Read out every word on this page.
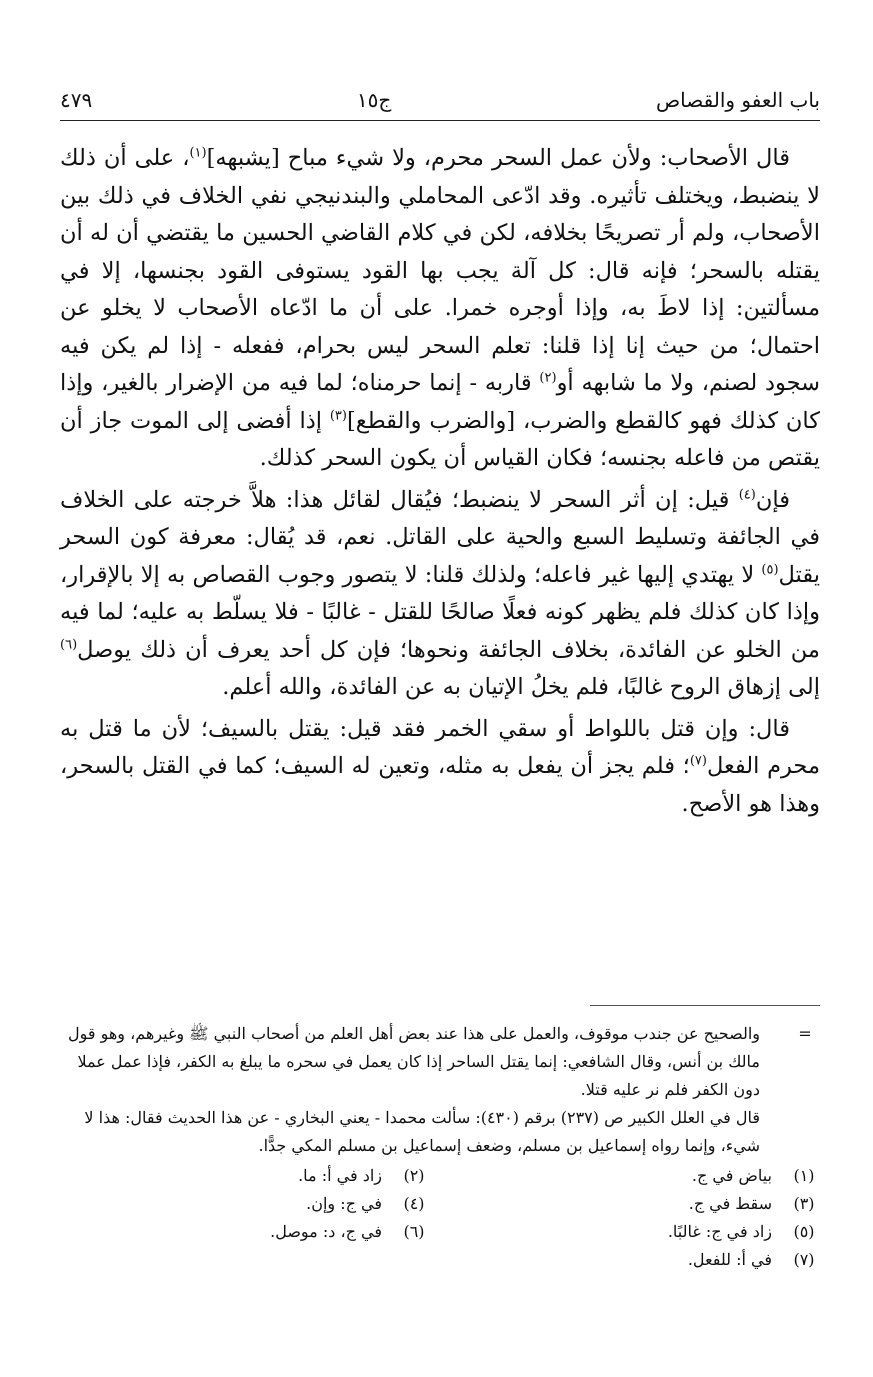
باب العفو والقصاص
ج١٥
٤٧٩

قال الأصحاب: ولأن عمل السحر محرم، ولا شيء مباح [يشبهه]$^{(١)}$، على أن ذلك لا ينضبط، ويختلف تأثيره. وقد ادّعى المحاملي والبندنيجي نفي الخلاف في ذلك بين الأصحاب، ولم أر تصريحًا بخلافه، لكن في كلام القاضي الحسين ما يقتضي أن له أن يقتله بالسحر؛ فإنه قال: كل آلة يجب بها القود يستوفى القود بجنسها، إلا في مسألتين: إذا لاطَ به، وإذا أوجره خمرا. على أن ما ادّعاه الأصحاب لا يخلو عن احتمال؛ من حيث إنا إذا قلنا: تعلم السحر ليس بحرام، ففعله - إذا لم يكن فيه سجود لصنم، ولا ما شابهه أو$^{(٢)}$ قاربه - إنما حرمناه؛ لما فيه من الإضرار بالغير، وإذا كان كذلك فهو كالقطع والضرب، [والضرب والقطع]$^{(٣)}$ إذا أفضى إلى الموت جاز أن يقتص من فاعله بجنسه؛ فكان القياس أن يكون السحر كذلك.

فإن$^{(٤)}$ قيل: إن أثر السحر لا ينضبط؛ فيُقال لقائل هذا: هلاَّ خرجته على الخلاف في الجائفة وتسليط السبع والحية على القاتل. نعم، قد يُقال: معرفة كون السحر يقتل$^{(٥)}$ لا يهتدي إليها غير فاعله؛ ولذلك قلنا: لا يتصور وجوب القصاص به إلا بالإقرار، وإذا كان كذلك فلم يظهر كونه فعلًا صالحًا للقتل - غالبًا - فلا يسلّط به عليه؛ لما فيه من الخلو عن الفائدة، بخلاف الجائفة ونحوها؛ فإن كل أحد يعرف أن ذلك يوصل$^{(٦)}$ إلى إزهاق الروح غالبًا، فلم يخلُ الإتيان به عن الفائدة، والله أعلم.

قال: وإن قتل باللواط أو سقي الخمر فقد قيل: يقتل بالسيف؛ لأن ما قتل به محرم الفعل$^{(٧)}$؛ فلم يجز أن يفعل به مثله، وتعين له السيف؛ كما في القتل بالسحر، وهذا هو الأصح.

=
والصحيح عن جندب موقوف، والعمل على هذا عند بعض أهل العلم من أصحاب النبي ﷺ وغيرهم، وهو قول مالك بن أنس، وقال الشافعي: إنما يقتل الساحر إذا كان يعمل في سحره ما يبلغ به الكفر، فإذا عمل عملا دون الكفر فلم نر عليه قتلا.
قال في العلل الكبير ص (٢٣٧) برقم (٤٣٠): سألت محمدا - يعني البخاري - عن هذا الحديث فقال: هذا لا شيء، وإنما رواه إسماعيل بن مسلم، وضعف إسماعيل بن مسلم المكي جدًّا.
(١)
بياض في ج.
(٢)
زاد في أ: ما.
(٣)
سقط في ج.
(٤)
في ج: وإن.
(٥)
زاد في ج: غالبًا.
(٦)
في ج، د: موصل.
(٧)
في أ: للفعل.
